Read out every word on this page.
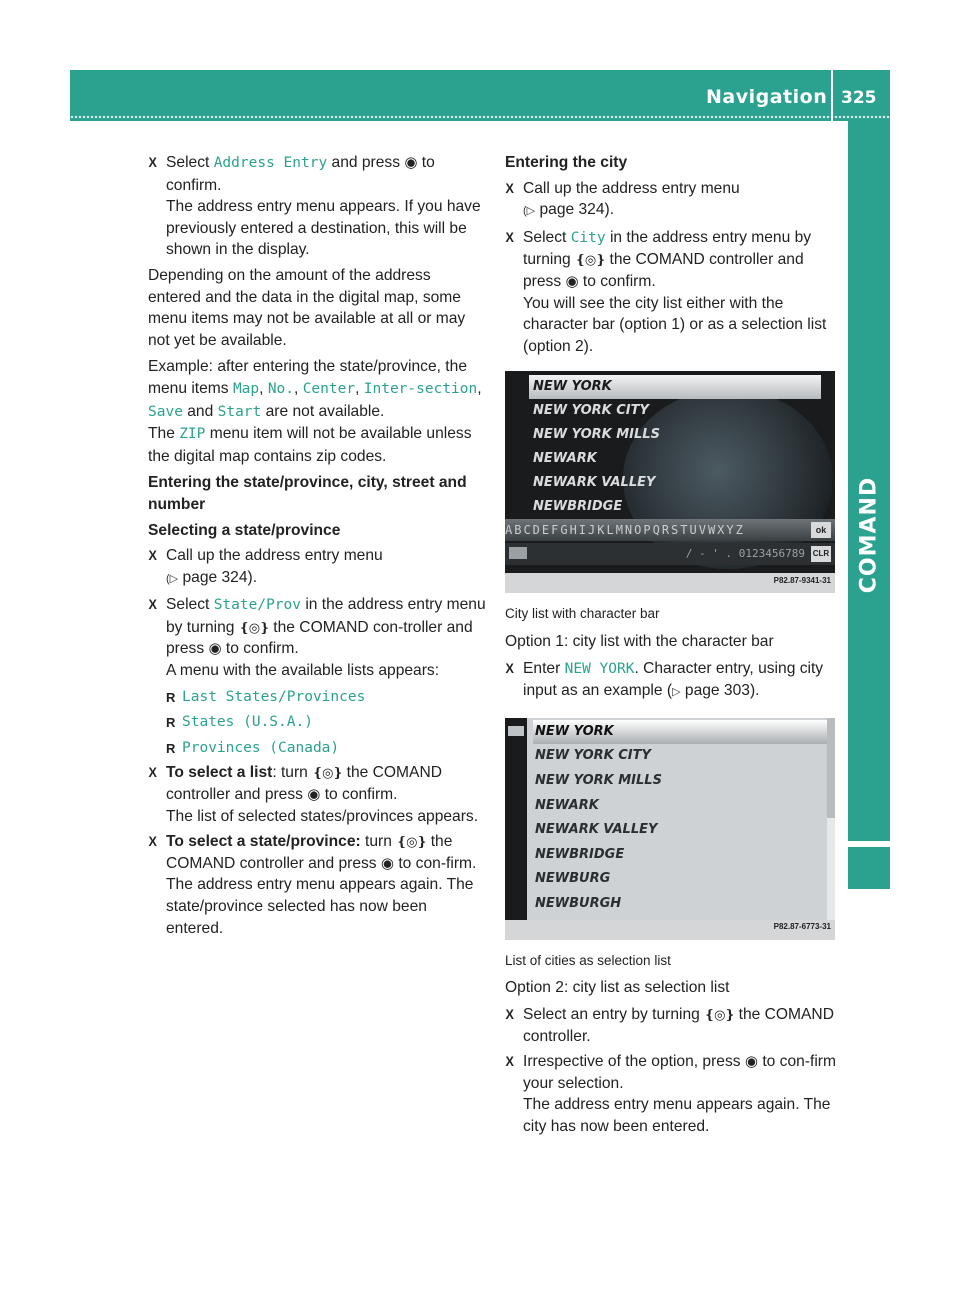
Navigation 325
COMAND
X Select Address Entry and press ◉ to confirm.
The address entry menu appears. If you have previously entered a destination, this will be shown in the display.

Depending on the amount of the address entered and the data in the digital map, some menu items may not be available at all or may not yet be available.

Example: after entering the state/province, the menu items Map, No., Center, Inter‐section, Save and Start are not available.
The ZIP menu item will not be available unless the digital map contains zip codes.

Entering the state/province, city, street and number

Selecting a state/province

X Call up the address entry menu
(▷ page 324).
X Select State/Prov in the address entry menu by turning ❴◎❵ the COMAND con‐troller and press ◉ to confirm.
A menu with the available lists appears:
R Last States/Provinces
R States (U.S.A.)
R Provinces (Canada)
X To select a list: turn ❴◎❵ the COMAND controller and press ◉ to confirm.
The list of selected states/provinces appears.
X To select a state/province: turn ❴◎❵ the COMAND controller and press ◉ to con‐firm.
The address entry menu appears again. The state/province selected has now been entered.

Entering the city

X Call up the address entry menu
(▷ page 324).
X Select City in the address entry menu by turning ❴◎❵ the COMAND controller and press ◉ to confirm.
You will see the city list either with the character bar (option 1) or as a selection list (option 2).
NEW YORK
NEW YORK CITY
NEW YORK MILLS
NEWARK
NEWARK VALLEY
NEWBRIDGE
ABCDEFGHIJKLMNOPQRSTUVWXYZ	ok
/ - ' . 0123456789 CLR
P82.87-9341-31

City list with character bar

Option 1: city list with the character bar

X Enter NEW YORK. Character entry, using city input as an example (▷ page 303).
NEW YORK
NEW YORK CITY
NEW YORK MILLS
NEWARK
NEWARK VALLEY
NEWBRIDGE
NEWBURG
NEWBURGH
P82.87-6773-31

List of cities as selection list

Option 2: city list as selection list

X Select an entry by turning ❴◎❵ the COMAND controller.
X Irrespective of the option, press ◉ to con‐firm your selection.
The address entry menu appears again. The city has now been entered.
